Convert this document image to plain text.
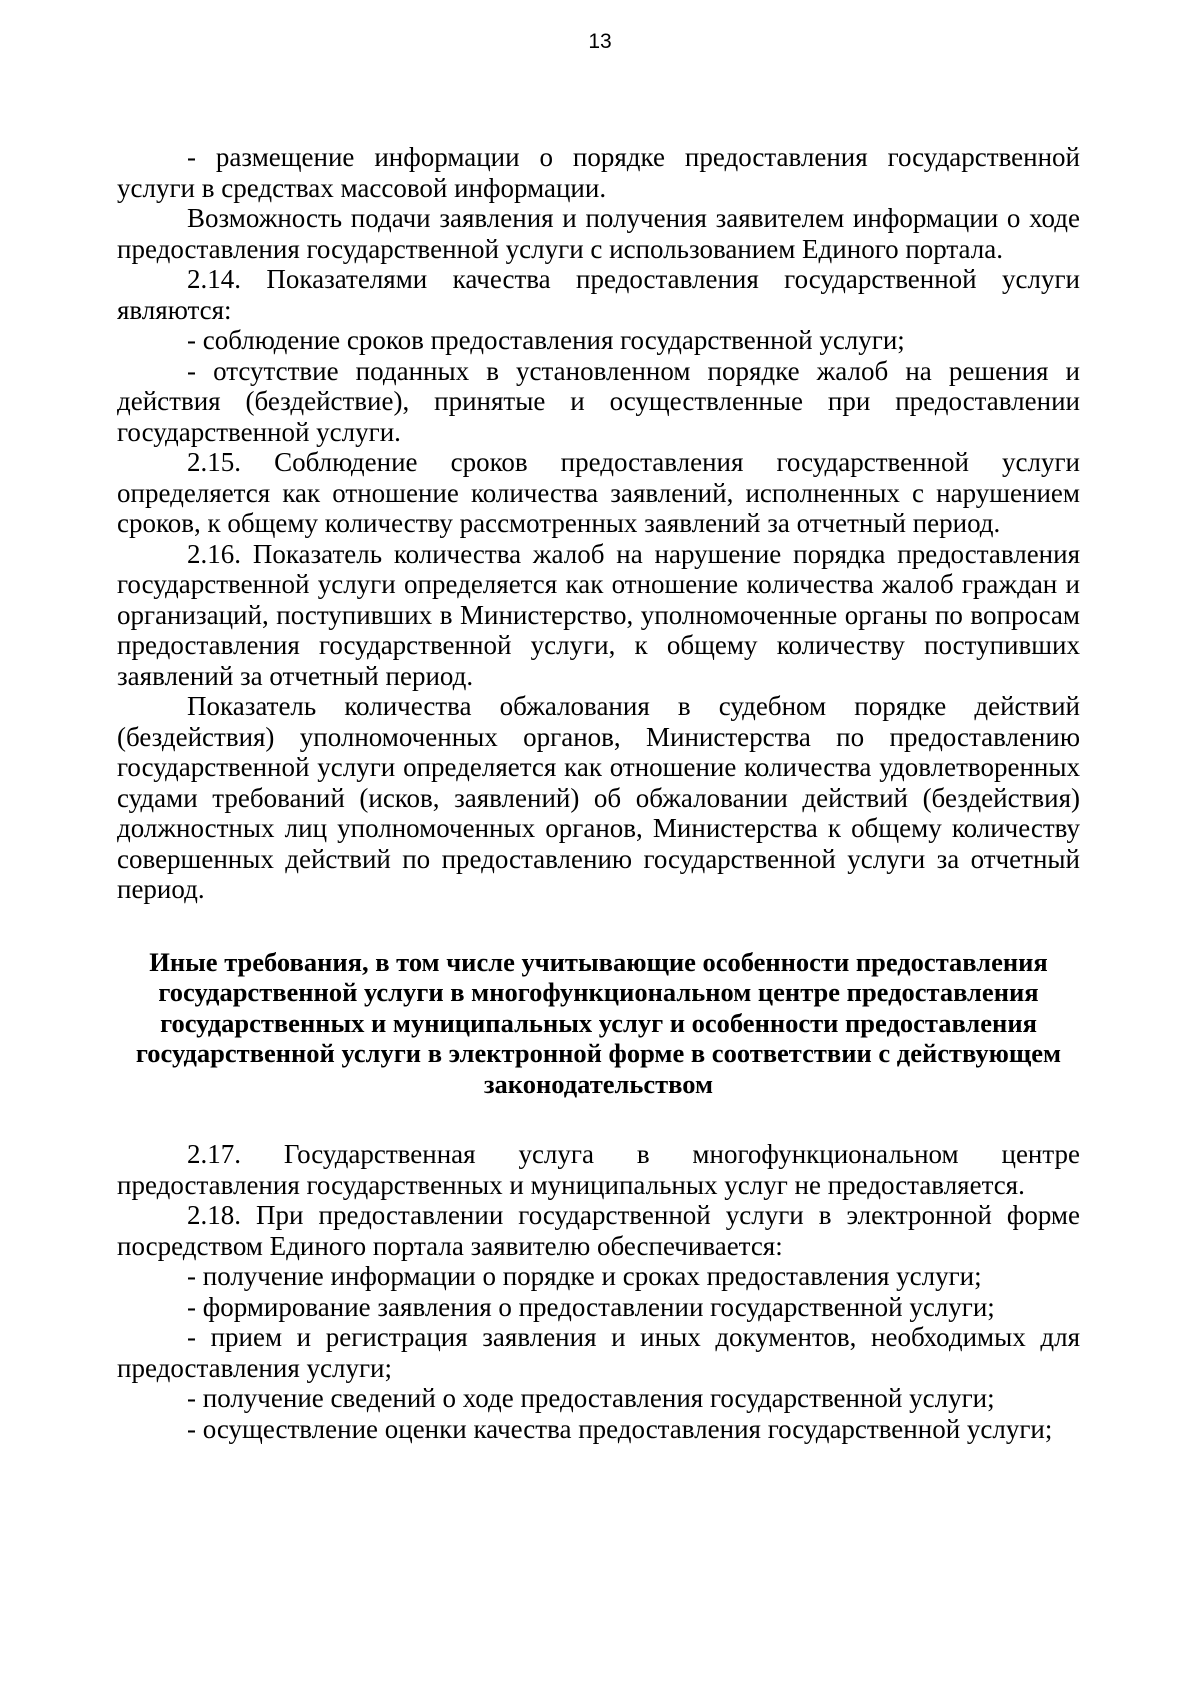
13

- размещение информации о порядке предоставления государственной услуги в средствах массовой информации.

Возможность подачи заявления и получения заявителем информации о ходе предоставления государственной услуги с использованием Единого портала.

2.14. Показателями качества предоставления государственной услуги являются:

- соблюдение сроков предоставления государственной услуги;

- отсутствие поданных в установленном порядке жалоб на решения и действия (бездействие), принятые и осуществленные при предоставлении государственной услуги.

2.15. Соблюдение сроков предоставления государственной услуги определяется как отношение количества заявлений, исполненных с нарушением сроков, к общему количеству рассмотренных заявлений за отчетный период.

2.16. Показатель количества жалоб на нарушение порядка предоставления государственной услуги определяется как отношение количества жалоб граждан и организаций, поступивших в Министерство, уполномоченные органы по вопросам предоставления государственной услуги, к общему количеству поступивших заявлений за отчетный период.

Показатель количества обжалования в судебном порядке действий (бездействия) уполномоченных органов, Министерства по предоставлению государственной услуги определяется как отношение количества удовлетворенных судами требований (исков, заявлений) об обжаловании действий (бездействия) должностных лиц уполномоченных органов, Министерства к общему количеству совершенных действий по предоставлению государственной услуги за отчетный период.

Иные требования, в том числе учитывающие особенности предоставления государственной услуги в многофункциональном центре предоставления государственных и муниципальных услуг и особенности предоставления государственной услуги в электронной форме в соответствии с действующем законодательством

2.17. Государственная услуга в многофункциональном центре предоставления государственных и муниципальных услуг не предоставляется.

2.18. При предоставлении государственной услуги в электронной форме посредством Единого портала заявителю обеспечивается:

- получение информации о порядке и сроках предоставления услуги;

- формирование заявления о предоставлении государственной услуги;

- прием и регистрация заявления и иных документов, необходимых для предоставления услуги;

- получение сведений о ходе предоставления государственной услуги;

- осуществление оценки качества предоставления государственной услуги;
